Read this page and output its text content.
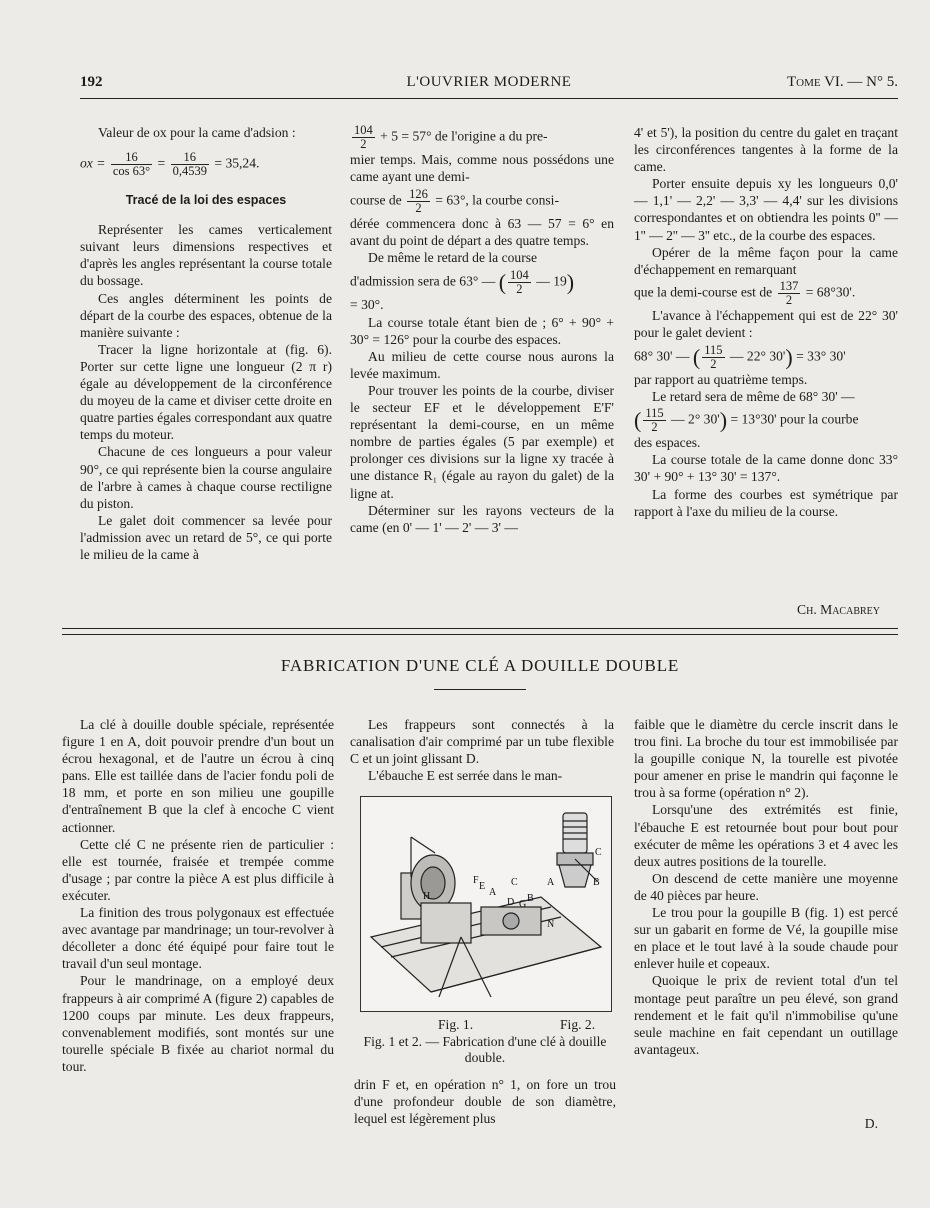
192	L'OUVRIER MODERNE	Tome VI. — N° 5.

Valeur de ox pour la came d'adsion :

ox = $\frac{16}{\cos 63^\circ} = \frac{16}{0,4539} = 35,24$.
Tracé de la loi des espaces

Représenter les cames verticalement suivant leurs dimensions respectives et d'après les angles représentant la course totale du bossage.

Ces angles déterminent les points de départ de la courbe des espaces, obtenue de la manière suivante :

Tracer la ligne horizontale at (fig. 6). Porter sur cette ligne une longueur (2 π r) égale au développement de la circonférence du moyeu de la came et diviser cette droite en quatre parties égales correspondant aux quatre temps du moteur.

Chacune de ces longueurs a pour valeur 90°, ce qui représente bien la course angulaire de l'arbre à cames à chaque course rectiligne du piston.

Le galet doit commencer sa levée pour l'admission avec un retard de 5°, ce qui porte le milieu de la came à

$\frac{104}{2} + 5 = 57^\circ$ de l'origine a du pre-

mier temps. Mais, comme nous possédons une came ayant une demi-

course de $\frac{126}{2} = 63^\circ$, la courbe consi-

dérée commencera donc à 63 — 57 = 6° en avant du point de départ a des quatre temps.

De même le retard de la course

d'admission sera de 63° — ( $\frac{104}{2}$ — 19)

= 30°.

La course totale étant bien de ; 6° + 90° + 30° = 126° pour la courbe des espaces.

Au milieu de cette course nous aurons la levée maximum.

Pour trouver les points de la courbe, diviser le secteur EF et le développement E'F' représentant la demi-course, en un même nombre de parties égales (5 par exemple) et prolonger ces divisions sur la ligne xy tracée à une distance R₁ (égale au rayon du galet) de la ligne at.

Déterminer sur les rayons vecteurs de la came (en 0' — 1' — 2' — 3' —

4' et 5'), la position du centre du galet en traçant les circonférences tangentes à la forme de la came.

Porter ensuite depuis xy les longueurs 0,0' — 1,1' — 2,2' — 3,3' — 4,4' sur les divisions correspondantes et on obtiendra les points 0'' — 1'' — 2'' — 3'' etc., de la courbe des espaces.

Opérer de la même façon pour la came d'échappement en remarquant

que la demi-course est de $\frac{137}{2} = 68^\circ 30'$.

L'avance à l'échappement qui est de 22° 30' pour le galet devient :

68° 30' — ( $\frac{115}{2}$ — 22° 30') = 33° 30'

par rapport au quatrième temps.

Le retard sera de même de 68° 30' —

( $\frac{115}{2}$ — 2° 30') = 13°30' pour la courbe

des espaces.

La course totale de la came donne donc 33° 30' + 90° + 13° 30' = 137°.

La forme des courbes est symétrique par rapport à l'axe du milieu de la course.

Ch. Macabrey
FABRICATION D'UNE CLÉ A DOUILLE DOUBLE

La clé à douille double spéciale, représentée figure 1 en A, doit pouvoir prendre d'un bout un écrou hexagonal, et de l'autre un écrou à cinq pans. Elle est taillée dans de l'acier fondu poli de 18 mm, et porte en son milieu une goupille d'entraînement B que la clef à encoche C vient actionner.

Cette clé C ne présente rien de particulier : elle est tournée, fraisée et trempée comme d'usage ; par contre la pièce A est plus difficile à exécuter.

La finition des trous polygonaux est effectuée avec avantage par mandrinage; un tour-revolver à décolleter a donc été équipé pour faire tout le travail d'un seul montage.

Pour le mandrinage, on a employé deux frappeurs à air comprimé A (figure 2) capables de 1200 coups par minute. Les deux frappeurs, convenablement modifiés, sont montés sur une tourelle spéciale B fixée au chariot normal du tour.

Les frappeurs sont connectés à la canalisation d'air comprimé par un tube flexible C et un joint glissant D.

L'ébauche E est serrée dans le man-

C
B
A
H
E
A
C
D G
B
F
N
Fig. 1.	Fig. 2.
Fig. 1 et 2. — Fabrication d'une clé à douille double.

drin F et, en opération n° 1, on fore un trou d'une profondeur double de son diamètre, lequel est légèrement plus

faible que le diamètre du cercle inscrit dans le trou fini. La broche du tour est immobilisée par la goupille conique N, la tourelle est pivotée pour amener en prise le mandrin qui façonne le trou à sa forme (opération n° 2).

Lorsqu'une des extrémités est finie, l'ébauche E est retournée bout pour bout pour exécuter de même les opérations 3 et 4 avec les deux autres positions de la tourelle.

On descend de cette manière une moyenne de 40 pièces par heure.

Le trou pour la goupille B (fig. 1) est percé sur un gabarit en forme de Vé, la goupille mise en place et le tout lavé à la soude chaude pour enlever huile et copeaux.

Quoique le prix de revient total d'un tel montage peut paraître un peu élevé, son grand rendement et le fait qu'il n'immobilise qu'une seule machine en fait cependant un outillage avantageux.

D.
